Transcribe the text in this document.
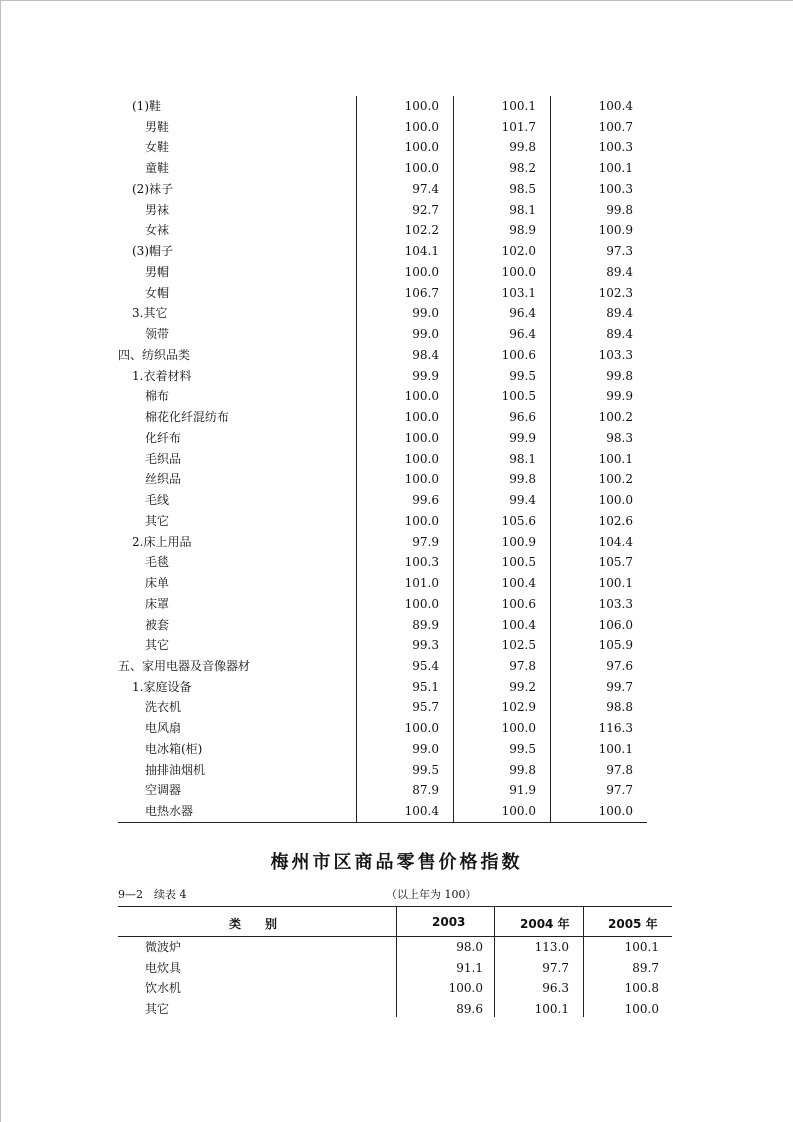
(1)鞋	100.0	100.1	100.4
男鞋	100.0	101.7	100.7
女鞋	100.0	99.8	100.3
童鞋	100.0	98.2	100.1
(2)袜子	97.4	98.5	100.3
男袜	92.7	98.1	99.8
女袜	102.2	98.9	100.9
(3)帽子	104.1	102.0	97.3
男帽	100.0	100.0	89.4
女帽	106.7	103.1	102.3
3.其它	99.0	96.4	89.4
领带	99.0	96.4	89.4
四、纺织品类	98.4	100.6	103.3
1.衣着材料	99.9	99.5	99.8
棉布	100.0	100.5	99.9
棉花化纤混纺布	100.0	96.6	100.2
化纤布	100.0	99.9	98.3
毛织品	100.0	98.1	100.1
丝织品	100.0	99.8	100.2
毛线	99.6	99.4	100.0
其它	100.0	105.6	102.6
2.床上用品	97.9	100.9	104.4
毛毯	100.3	100.5	105.7
床单	101.0	100.4	100.1
床罩	100.0	100.6	103.3
被套	89.9	100.4	106.0
其它	99.3	102.5	105.9
五、家用电器及音像器材	95.4	97.8	97.6
1.家庭设备	95.1	99.2	99.7
洗衣机	95.7	102.9	98.8
电风扇	100.0	100.0	116.3
电冰箱(柜)	99.0	99.5	100.1
抽排油烟机	99.5	99.8	97.8
空调器	87.9	91.9	97.7
电热水器	100.4	100.0	100.0
梅州市区商品零售价格指数
9—2　续表 4	（以上年为 100）
类　　别	2003	2004 年	2005 年
微波炉	98.0	113.0	100.1
电炊具	91.1	97.7	89.7
饮水机	100.0	96.3	100.8
其它	89.6	100.1	100.0
